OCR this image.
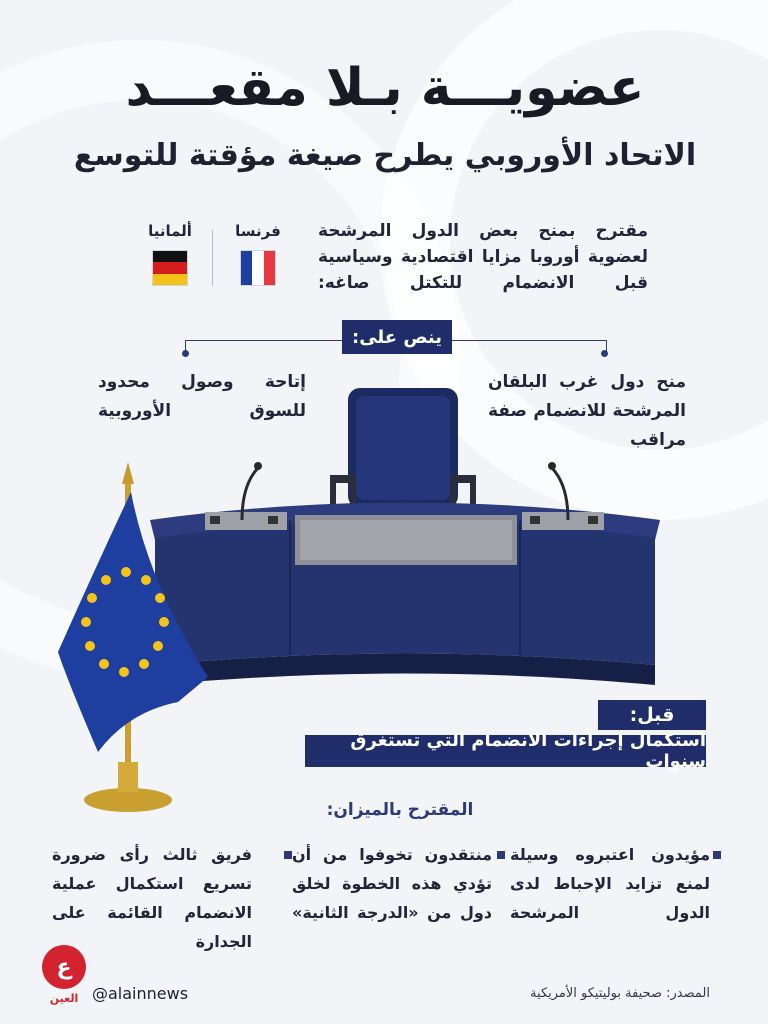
عضويـــة بـلا مقعـــد
الاتحاد الأوروبي يطرح صيغة مؤقتة للتوسع
مقترح بمنح بعض الدول المرشحة لعضوية أوروبا مزايا اقتصادية وسياسية قبل الانضمام للتكتل صاغه:
فرنسا
ألمانيا
ينص على:
منح دول غرب البلقان المرشحة للانضمام صفة مراقب
إتاحة وصول محدود للسوق الأوروبية
قبل:
استكمال إجراءات الانضمام التي تستغرق سنوات
المقترح بالميزان:
مؤيدون اعتبروه وسيلة لمنع تزايد الإحباط لدى الدول المرشحة
منتقدون تخوفوا من أن تؤدي هذه الخطوة لخلق دول من «الدرجة الثانية»
فريق ثالث رأى ضرورة تسريع استكمال عملية الانضمام القائمة على الجدارة
ع
العين @alainnews	المصدر: صحيفة بوليتيكو الأمريكية
